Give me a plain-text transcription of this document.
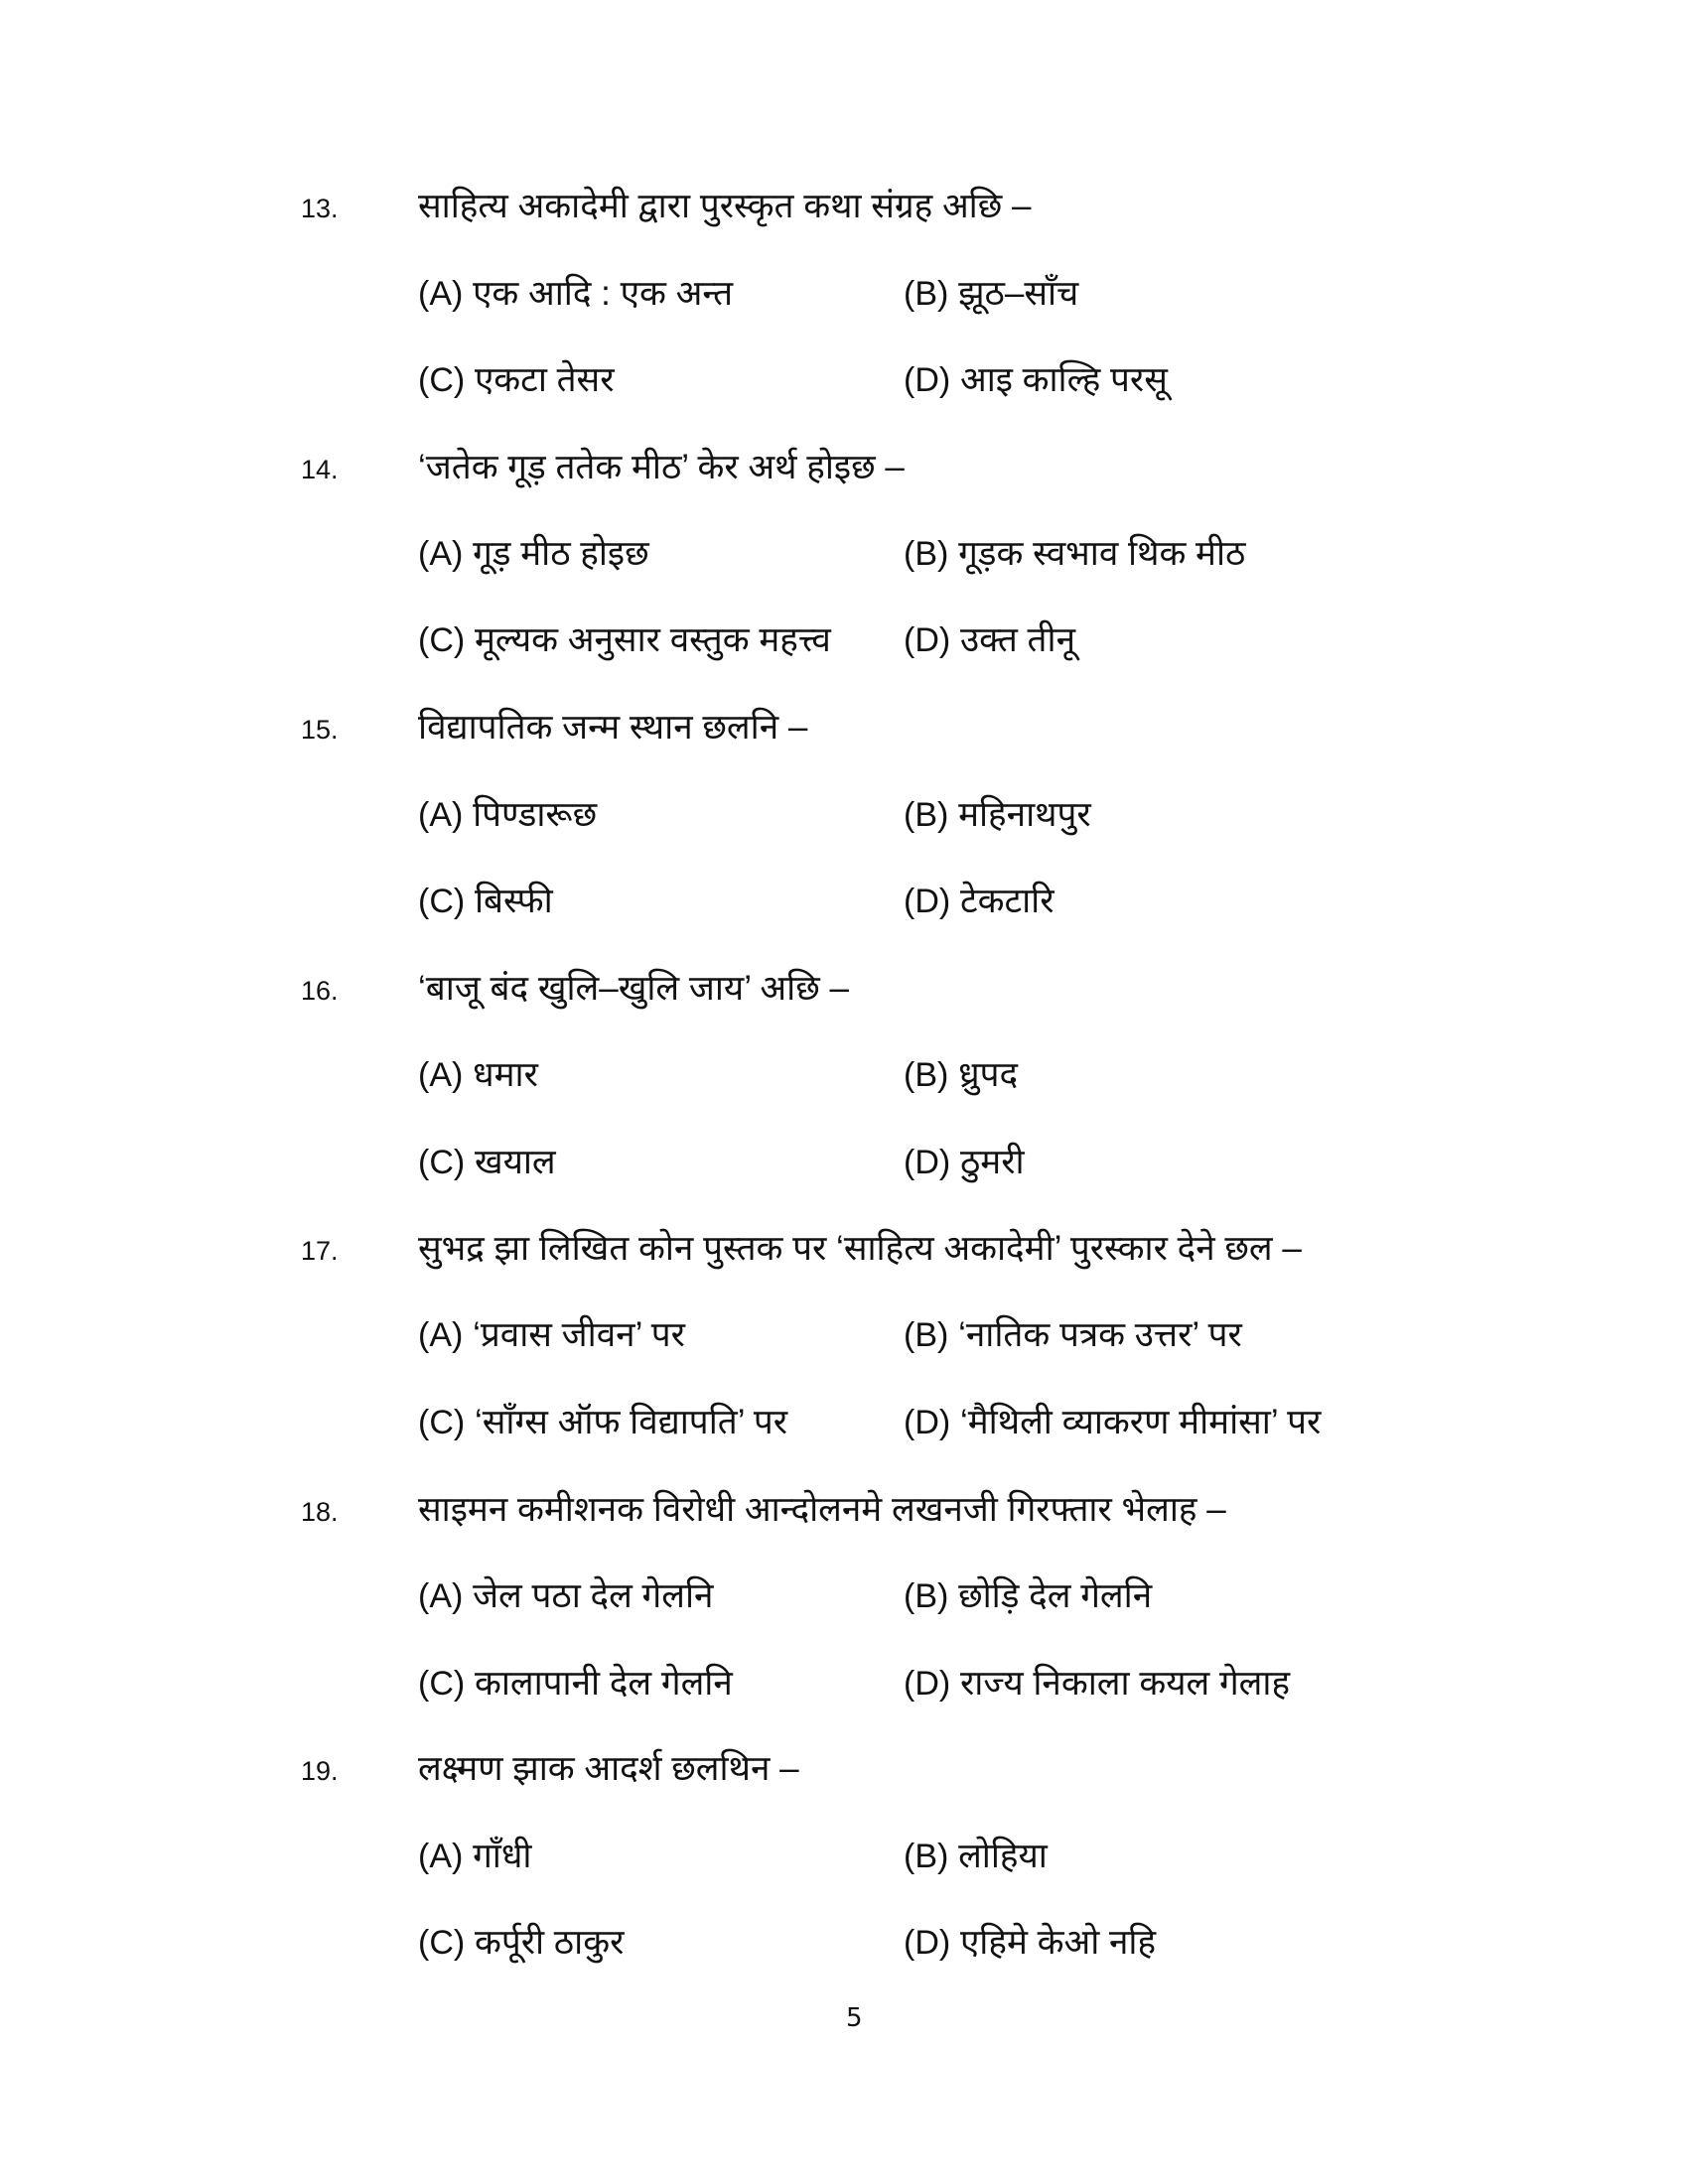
13. साहित्य अकादेमी द्वारा पुरस्कृत कथा संग्रह अछि –
(A) एक आदि : एक अन्त	(B) झूठ–साँच
(C) एकटा तेसर	(D) आइ काल्हि परसू
14. ‘जतेक गूड़ ततेक मीठ’ केर अर्थ होइछ –
(A) गूड़ मीठ होइछ	(B) गूड़क स्वभाव थिक मीठ
(C) मूल्यक अनुसार वस्तुक महत्त्व (D) उक्त तीनू
15. विद्यापतिक जन्म स्थान छलनि –
(A) पिण्डारूछ	(B) महिनाथपुर
(C) बिस्फी	(D) टेकटारि
16. ‘बाजू बंद खुलि–खुलि जाय’ अछि –
(A) धमार	(B) ध्रुपद
(C) खयाल	(D) ठुमरी
17. सुभद्र झा लिखित कोन पुस्तक पर ‘साहित्य अकादेमी’ पुरस्कार देने छल –
(A) ‘प्रवास जीवन’ पर	(B) ‘नातिक पत्रक उत्तर’ पर
(C) ‘सॉंग्स ऑफ विद्यापति’ पर	(D) ‘मैथिली व्याकरण मीमांसा’ पर
18. साइमन कमीशनक विरोधी आन्दोलनमे लखनजी गिरफ्तार भेलाह –
(A) जेल पठा देल गेलनि	(B) छोड़ि देल गेलनि
(C) कालापानी देल गेलनि	(D) राज्य निकाला कयल गेलाह
19. लक्ष्मण झाक आदर्श छलथिन –
(A) गाँधी	(B) लोहिया
(C) कर्पूरी ठाकुर	(D) एहिमे केओ नहि
5
